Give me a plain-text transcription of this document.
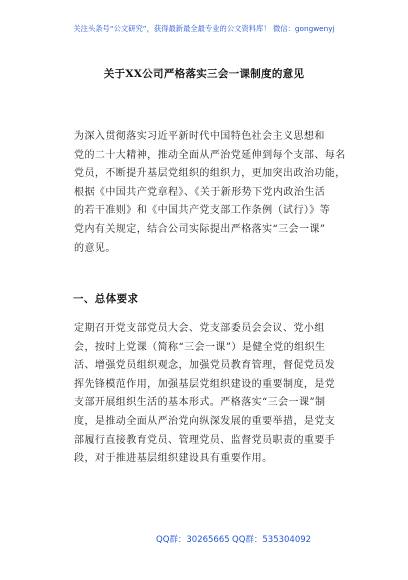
关注头条号“公文研究”，获得最新最全最专业的公文资料库！ 微信：gongwenyj
关于XX公司严格落实三会一课制度的意见
为深入贯彻落实习近平新时代中国特色社会主义思想和
党的二十大精神，推动全面从严治党延伸到每个支部、每名
党员，不断提升基层党组织的组织力，更加突出政治功能，
根据《中国共产党章程》、《关于新形势下党内政治生活
的若干准则》和《中国共产党支部工作条例（试行）》等
党内有关规定，结合公司实际提出严格落实“三会一课”
的意见。
一、总体要求
定期召开党支部党员大会、党支部委员会会议、党小组
会，按时上党课（简称“三会一课”）是健全党的组织生
活、增强党员组织观念，加强党员教育管理，督促党员发
挥先锋模范作用，加强基层党组织建设的重要制度，是党
支部开展组织生活的基本形式。严格落实“三会一课”制
度，是推动全面从严治党向纵深发展的重要举措，是党支
部履行直接教育党员、管理党员、监督党员职责的重要手
段，对于推进基层组织建设具有重要作用。
QQ群：30265665 QQ群：535304092
